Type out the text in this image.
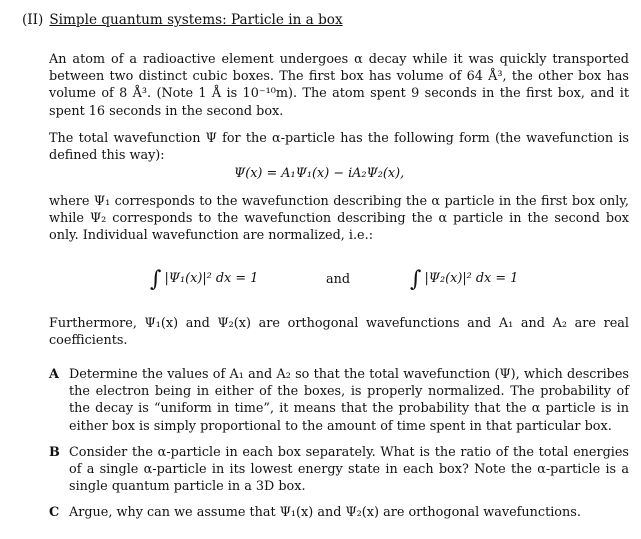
(II) Simple quantum systems: Particle in a box
An atom of a radioactive element undergoes α decay while it was quickly transported between two distinct cubic boxes. The first box has volume of 64 Å³, the other box has volume of 8 Å³. (Note 1 Å is 10⁻¹⁰m). The atom spent 9 seconds in the first box, and it spent 16 seconds in the second box.
The total wavefunction Ψ for the α-particle has the following form (the wavefunction is defined this way):
Ψ(x) = A₁Ψ₁(x) − iA₂Ψ₂(x),
where Ψ₁ corresponds to the wavefunction describing the α particle in the first box only, while Ψ₂ corresponds to the wavefunction describing the α particle in the second box only. Individual wavefunction are normalized, i.e.:
∫ |Ψ₁(x)|² dx = 1	and	∫ |Ψ₂(x)|² dx = 1
Furthermore, Ψ₁(x) and Ψ₂(x) are orthogonal wavefunctions and A₁ and A₂ are real coefficients.
A Determine the values of A₁ and A₂ so that the total wavefunction (Ψ), which describes the electron being in either of the boxes, is properly normalized. The probability of the decay is “uniform in time”, it means that the probability that the α particle is in either box is simply proportional to the amount of time spent in that particular box.
B Consider the α-particle in each box separately. What is the ratio of the total energies of a single α-particle in its lowest energy state in each box? Note the α-particle is a single quantum particle in a 3D box.
C Argue, why can we assume that Ψ₁(x) and Ψ₂(x) are orthogonal wavefunctions.
